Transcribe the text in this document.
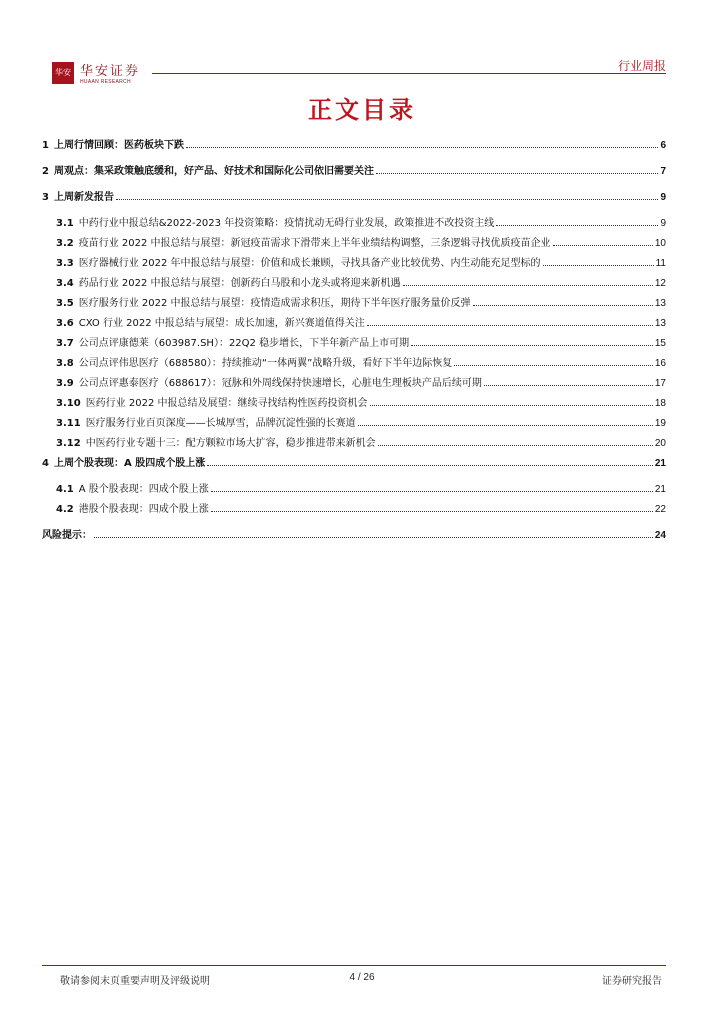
华安 华安证券
HUAAN RESEARCH
行业周报
正文目录
1 上周行情回顾：医药板块下跌	6
2 周观点：集采政策触底缓和，好产品、好技术和国际化公司依旧需要关注	7
3 上周新发报告	9
3.1 中药行业中报总结&2022-2023 年投资策略：疫情扰动无碍行业发展，政策推进不改投资主线	9
3.2 疫苗行业 2022 中报总结与展望：新冠疫苗需求下滑带来上半年业绩结构调整，三条逻辑寻找优质疫苗企业	10
3.3 医疗器械行业 2022 年中报总结与展望：价值和成长兼顾，寻找具备产业比较优势、内生动能充足型标的	11
3.4 药品行业 2022 中报总结与展望：创新药白马股和小龙头或将迎来新机遇	12
3.5 医疗服务行业 2022 中报总结与展望：疫情造成需求积压，期待下半年医疗服务量价反弹	13
3.6 CXO 行业 2022 中报总结与展望：成长加速，新兴赛道值得关注	13
3.7 公司点评康德莱（603987.SH）：22Q2 稳步增长，下半年新产品上市可期	15
3.8 公司点评伟思医疗（688580）：持续推动“一体两翼”战略升级，看好下半年边际恢复	16
3.9 公司点评惠泰医疗（688617）：冠脉和外周线保持快速增长，心脏电生理板块产品后续可期	17
3.10 医药行业 2022 中报总结及展望：继续寻找结构性医药投资机会	18
3.11 医疗服务行业百页深度——长城厚雪，品牌沉淀性强的长赛道	19
3.12 中医药行业专题十三：配方颗粒市场大扩容，稳步推进带来新机会	20
4 上周个股表现：A 股四成个股上涨	21
4.1 A 股个股表现：四成个股上涨	21
4.2 港股个股表现：四成个股上涨	22
风险提示：	24
敬请参阅末页重要声明及评级说明	4 / 26	证券研究报告
